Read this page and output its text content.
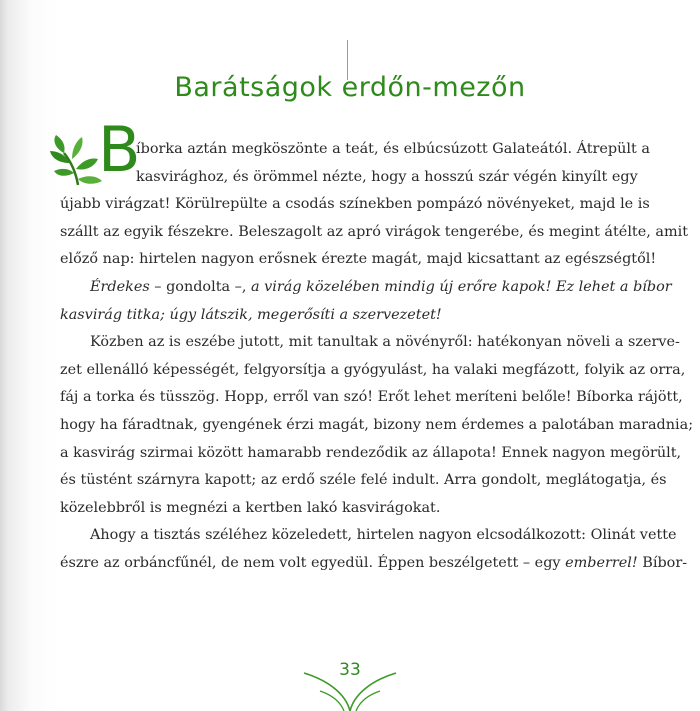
Barátságok erdőn-mezőn
B
íborka aztán megköszönte a teát, és elbúcsúzott Galateától. Átrepült a
kasvirághoz, és örömmel nézte, hogy a hosszú szár végén kinyílt egy
újabb virágzat! Körülrepülte a csodás színekben pompázó növényeket, majd le is
szállt az egyik fészekre. Beleszagolt az apró virágok tengerébe, és megint átélte, amit
előző nap: hirtelen nagyon erősnek érezte magát, majd kicsattant az egészségtől!
Érdekes – gondolta –, a virág közelében mindig új erőre kapok! Ez lehet a bíbor
kasvirág titka; úgy látszik, megerősíti a szervezetet!
Közben az is eszébe jutott, mit tanultak a növényről: hatékonyan növeli a szerve-
zet ellenálló képességét, felgyorsítja a gyógyulást, ha valaki megfázott, folyik az orra,
fáj a torka és tüsszög. Hopp, erről van szó! Erőt lehet meríteni belőle! Bíborka rájött,
hogy ha fáradtnak, gyengének érzi magát, bizony nem érdemes a palotában maradnia;
a kasvirág szirmai között hamarabb rendeződik az állapota! Ennek nagyon megörült,
és tüstént szárnyra kapott; az erdő széle felé indult. Arra gondolt, meglátogatja, és
közelebbről is megnézi a kertben lakó kasvirágokat.
Ahogy a tisztás széléhez közeledett, hirtelen nagyon elcsodálkozott: Olinát vette
észre az orbáncfűnél, de nem volt egyedül. Éppen beszélgetett – egy emberrel! Bíbor-
33
